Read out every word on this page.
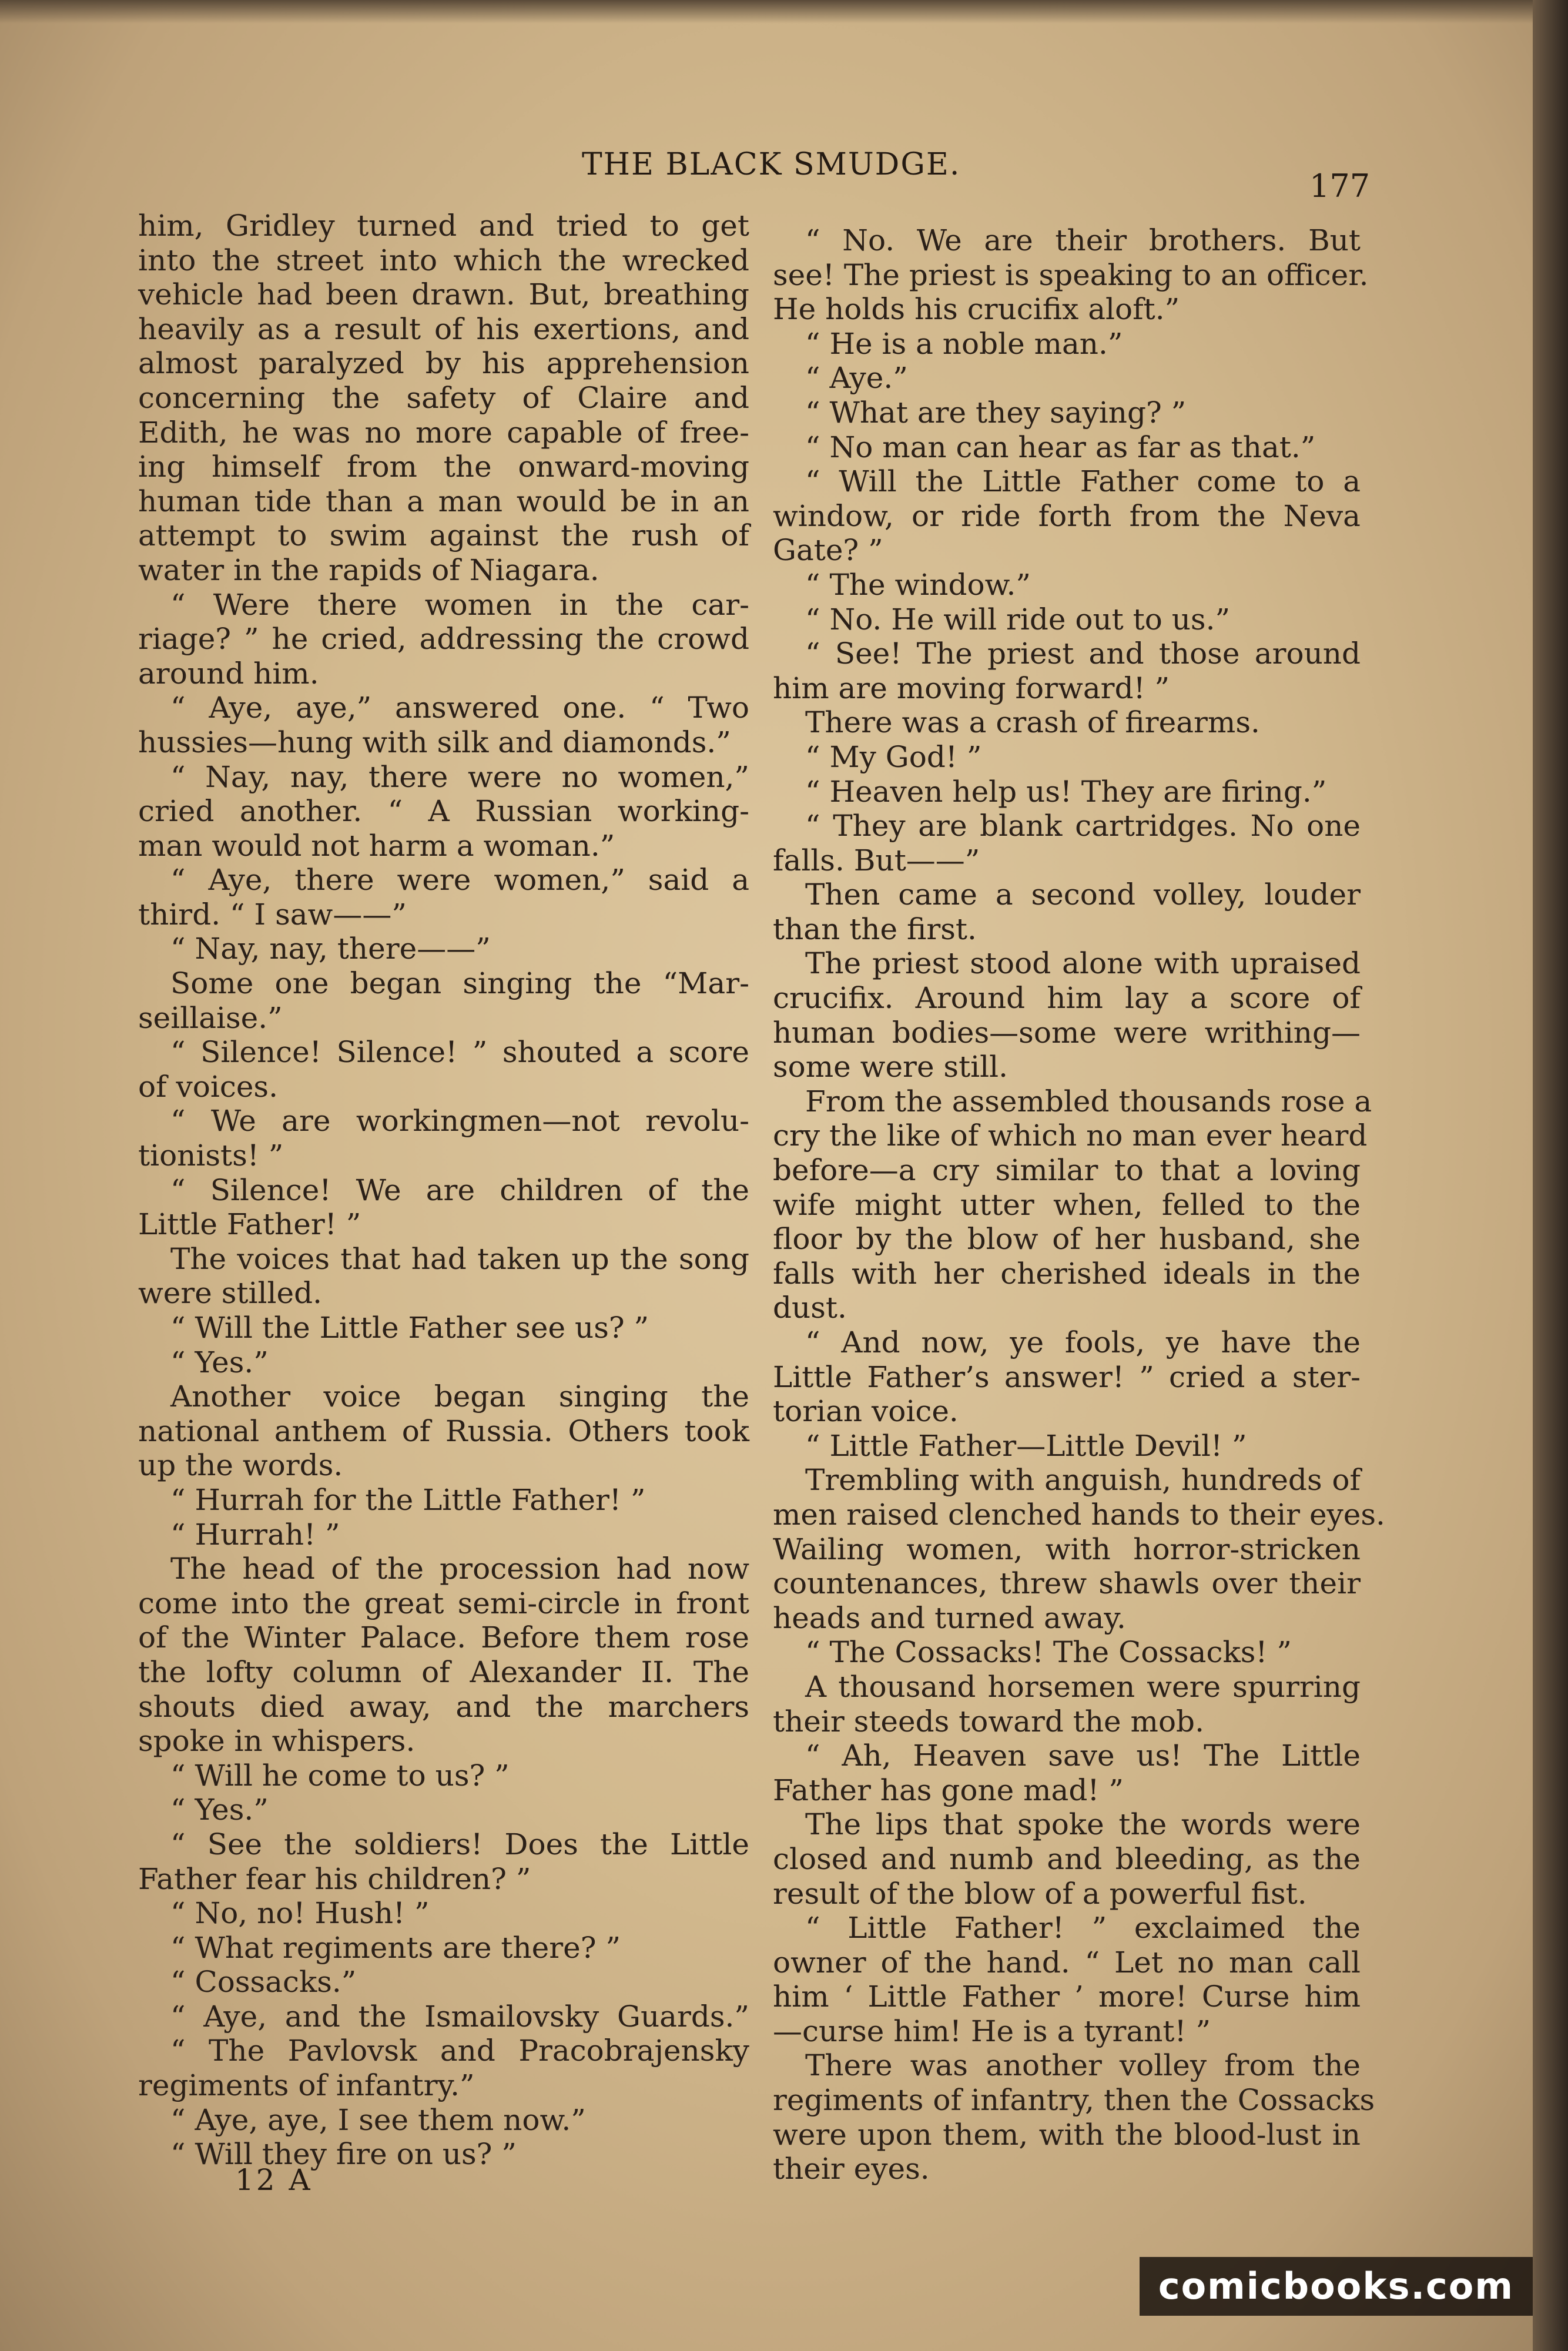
THE BLACK SMUDGE.
177
him, Gridley turned and tried to get
into the street into which the wrecked
vehicle had been drawn. But, breathing
heavily as a result of his exertions, and
almost paralyzed by his apprehension
concerning the safety of Claire and
Edith, he was no more capable of free-
ing himself from the onward-moving
human tide than a man would be in an
attempt to swim against the rush of
water in the rapids of Niagara.
“ Were there women in the car-
riage? ” he cried, addressing the crowd
around him.
“ Aye, aye,” answered one. “ Two
hussies—hung with silk and diamonds.”
“ Nay, nay, there were no women,”
cried another. “ A Russian working-
man would not harm a woman.”
“ Aye, there were women,” said a
third. “ I saw——”
“ Nay, nay, there——”
Some one began singing the “Mar-
seillaise.”
“ Silence! Silence! ” shouted a score
of voices.
“ We are workingmen—not revolu-
tionists! ”
“ Silence! We are children of the
Little Father! ”
The voices that had taken up the song
were stilled.
“ Will the Little Father see us? ”
“ Yes.”
Another voice began singing the
national anthem of Russia. Others took
up the words.
“ Hurrah for the Little Father! ”
“ Hurrah! ”
The head of the procession had now
come into the great semi-circle in front
of the Winter Palace. Before them rose
the lofty column of Alexander II. The
shouts died away, and the marchers
spoke in whispers.
“ Will he come to us? ”
“ Yes.”
“ See the soldiers! Does the Little
Father fear his children? ”
“ No, no! Hush! ”
“ What regiments are there? ”
“ Cossacks.”
“ Aye, and the Ismailovsky Guards.”
“ The Pavlovsk and Pracobrajensky
regiments of infantry.”
“ Aye, aye, I see them now.”
“ Will they fire on us? ”
“ No. We are their brothers. But
see! The priest is speaking to an officer.
He holds his crucifix aloft.”
“ He is a noble man.”
“ Aye.”
“ What are they saying? ”
“ No man can hear as far as that.”
“ Will the Little Father come to a
window, or ride forth from the Neva
Gate? ”
“ The window.”
“ No. He will ride out to us.”
“ See! The priest and those around
him are moving forward! ”
There was a crash of firearms.
“ My God! ”
“ Heaven help us! They are firing.”
“ They are blank cartridges. No one
falls. But——”
Then came a second volley, louder
than the first.
The priest stood alone with upraised
crucifix. Around him lay a score of
human bodies—some were writhing—
some were still.
From the assembled thousands rose a
cry the like of which no man ever heard
before—a cry similar to that a loving
wife might utter when, felled to the
floor by the blow of her husband, she
falls with her cherished ideals in the
dust.
“ And now, ye fools, ye have the
Little Father’s answer! ” cried a ster-
torian voice.
“ Little Father—Little Devil! ”
Trembling with anguish, hundreds of
men raised clenched hands to their eyes.
Wailing women, with horror-stricken
countenances, threw shawls over their
heads and turned away.
“ The Cossacks! The Cossacks! ”
A thousand horsemen were spurring
their steeds toward the mob.
“ Ah, Heaven save us! The Little
Father has gone mad! ”
The lips that spoke the words were
closed and numb and bleeding, as the
result of the blow of a powerful fist.
“ Little Father! ” exclaimed the
owner of the hand. “ Let no man call
him ‘ Little Father ’ more! Curse him
—curse him! He is a tyrant! ”
There was another volley from the
regiments of infantry, then the Cossacks
were upon them, with the blood-lust in
their eyes.
12 A
comicbooks.com
